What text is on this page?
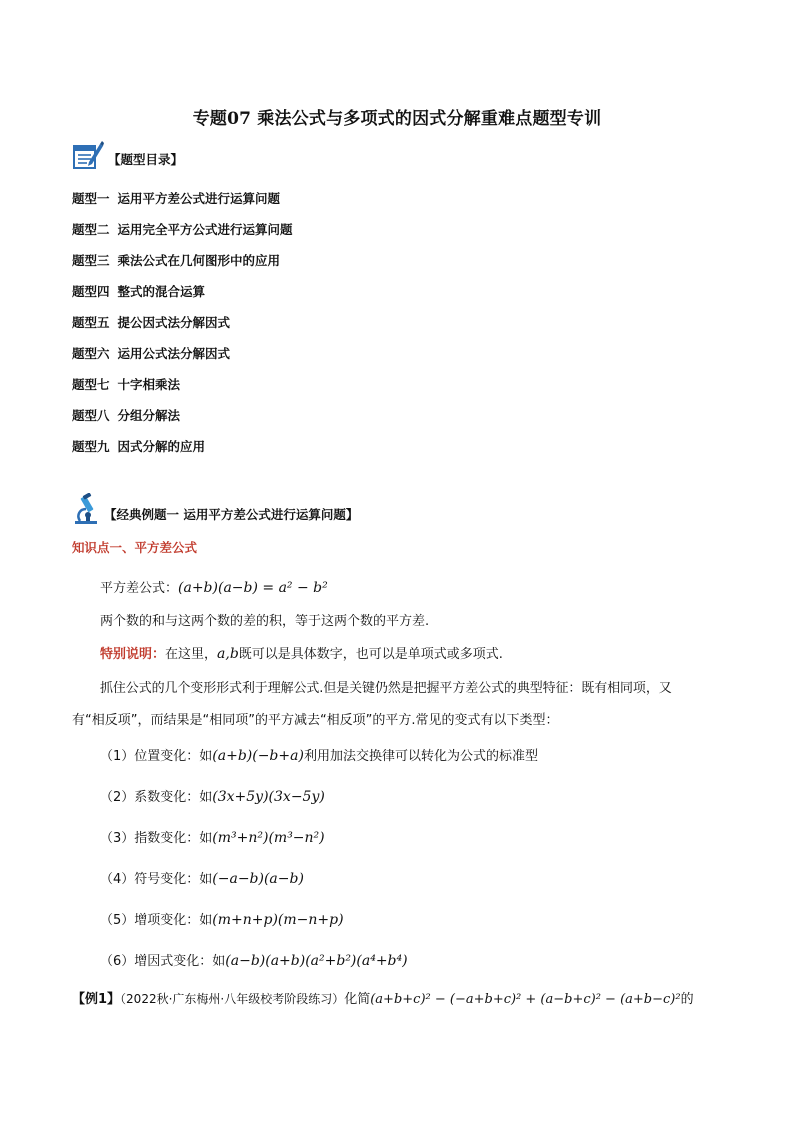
专题07 乘法公式与多项式的因式分解重难点题型专训
【题型目录】
题型一 运用平方差公式进行运算问题
题型二 运用完全平方公式进行运算问题
题型三 乘法公式在几何图形中的应用
题型四 整式的混合运算
题型五 提公因式法分解因式
题型六 运用公式法分解因式
题型七 十字相乘法
题型八 分组分解法
题型九 因式分解的应用
【经典例题一 运用平方差公式进行运算问题】
知识点一、平方差公式
平方差公式：(a+b)(a−b) = a² − b²
两个数的和与这两个数的差的积，等于这两个数的平方差.
特别说明：在这里，a,b既可以是具体数字，也可以是单项式或多项式.
抓住公式的几个变形形式利于理解公式.但是关键仍然是把握平方差公式的典型特征：既有相同项，又
有“相反项”，而结果是“相同项”的平方减去“相反项”的平方.常见的变式有以下类型：
（1）位置变化：如(a+b)(−b+a)利用加法交换律可以转化为公式的标准型
（2）系数变化：如(3x+5y)(3x−5y)
（3）指数变化：如(m³+n²)(m³−n²)
（4）符号变化：如(−a−b)(a−b)
（5）增项变化：如(m+n+p)(m−n+p)
（6）增因式变化：如(a−b)(a+b)(a²+b²)(a⁴+b⁴)
【例1】（2022秋·广东梅州·八年级校考阶段练习）化简(a+b+c)² − (−a+b+c)² + (a−b+c)² − (a+b−c)²的
